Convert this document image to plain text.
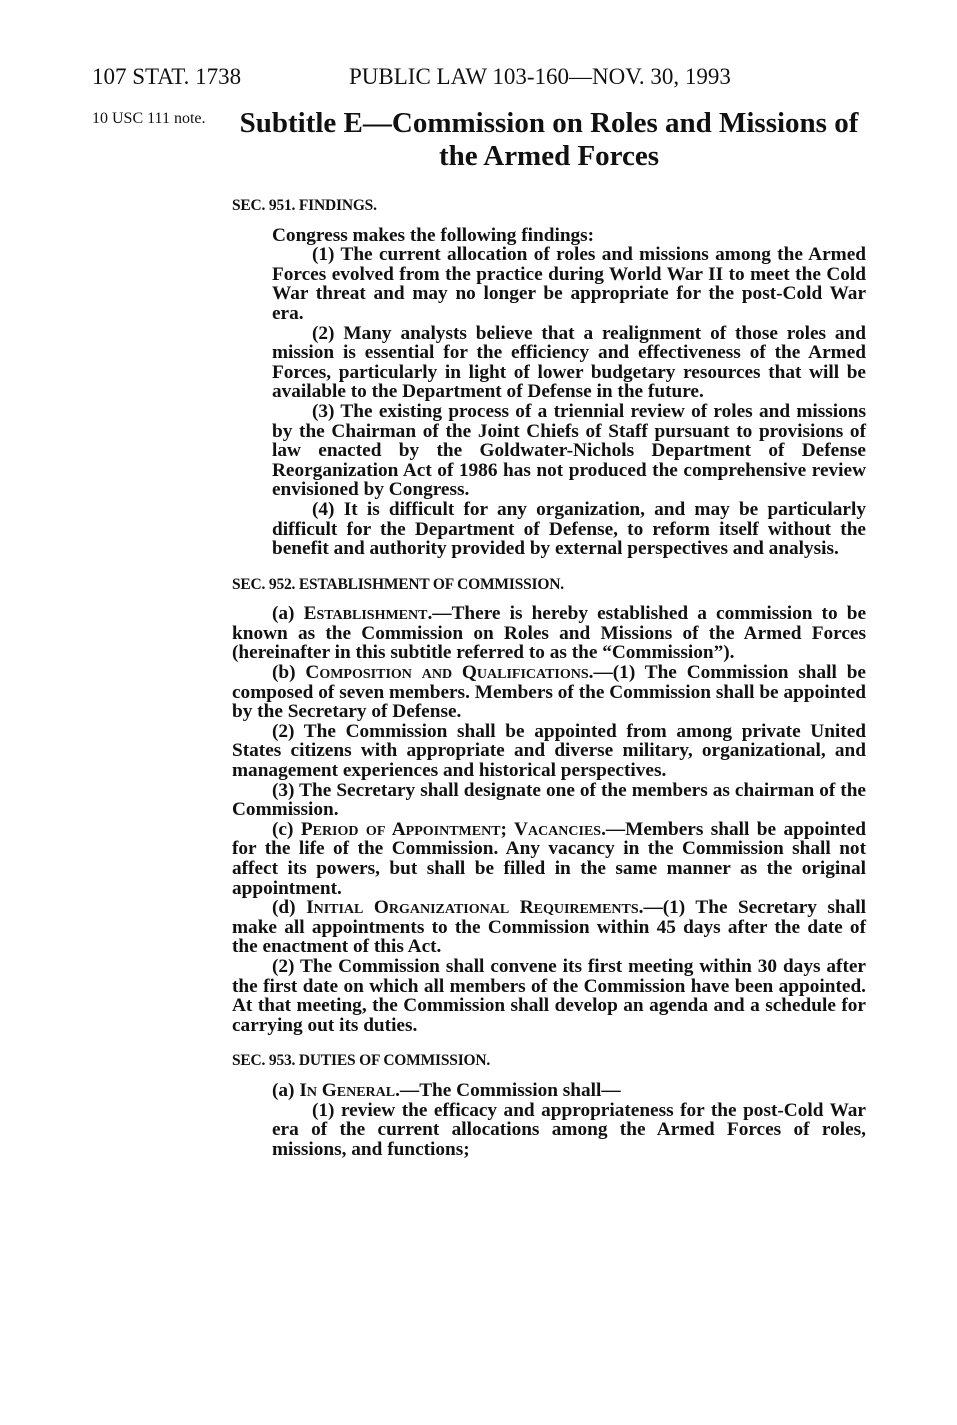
107 STAT. 1738	PUBLIC LAW 103-160—NOV. 30, 1993
10 USC 111 note. Subtitle E—Commission on Roles and Missions of the Armed Forces
SEC. 951. FINDINGS.

Congress makes the following findings:

(1) The current allocation of roles and missions among the Armed Forces evolved from the practice during World War II to meet the Cold War threat and may no longer be appropriate for the post-Cold War era.

(2) Many analysts believe that a realignment of those roles and mission is essential for the efficiency and effectiveness of the Armed Forces, particularly in light of lower budgetary resources that will be available to the Department of Defense in the future.

(3) The existing process of a triennial review of roles and missions by the Chairman of the Joint Chiefs of Staff pursuant to provisions of law enacted by the Goldwater-Nichols Department of Defense Reorganization Act of 1986 has not produced the comprehensive review envisioned by Congress.

(4) It is difficult for any organization, and may be particularly difficult for the Department of Defense, to reform itself without the benefit and authority provided by external perspectives and analysis.

SEC. 952. ESTABLISHMENT OF COMMISSION.

(a) Establishment.—There is hereby established a commission to be known as the Commission on Roles and Missions of the Armed Forces (hereinafter in this subtitle referred to as the “Commission”).

(b) Composition and Qualifications.—(1) The Commission shall be composed of seven members. Members of the Commission shall be appointed by the Secretary of Defense.

(2) The Commission shall be appointed from among private United States citizens with appropriate and diverse military, organizational, and management experiences and historical perspectives.

(3) The Secretary shall designate one of the members as chairman of the Commission.

(c) Period of Appointment; Vacancies.—Members shall be appointed for the life of the Commission. Any vacancy in the Commission shall not affect its powers, but shall be filled in the same manner as the original appointment.

(d) Initial Organizational Requirements.—(1) The Secretary shall make all appointments to the Commission within 45 days after the date of the enactment of this Act.

(2) The Commission shall convene its first meeting within 30 days after the first date on which all members of the Commission have been appointed. At that meeting, the Commission shall develop an agenda and a schedule for carrying out its duties.

SEC. 953. DUTIES OF COMMISSION.

(a) In General.—The Commission shall—

(1) review the efficacy and appropriateness for the post-Cold War era of the current allocations among the Armed Forces of roles, missions, and functions;
